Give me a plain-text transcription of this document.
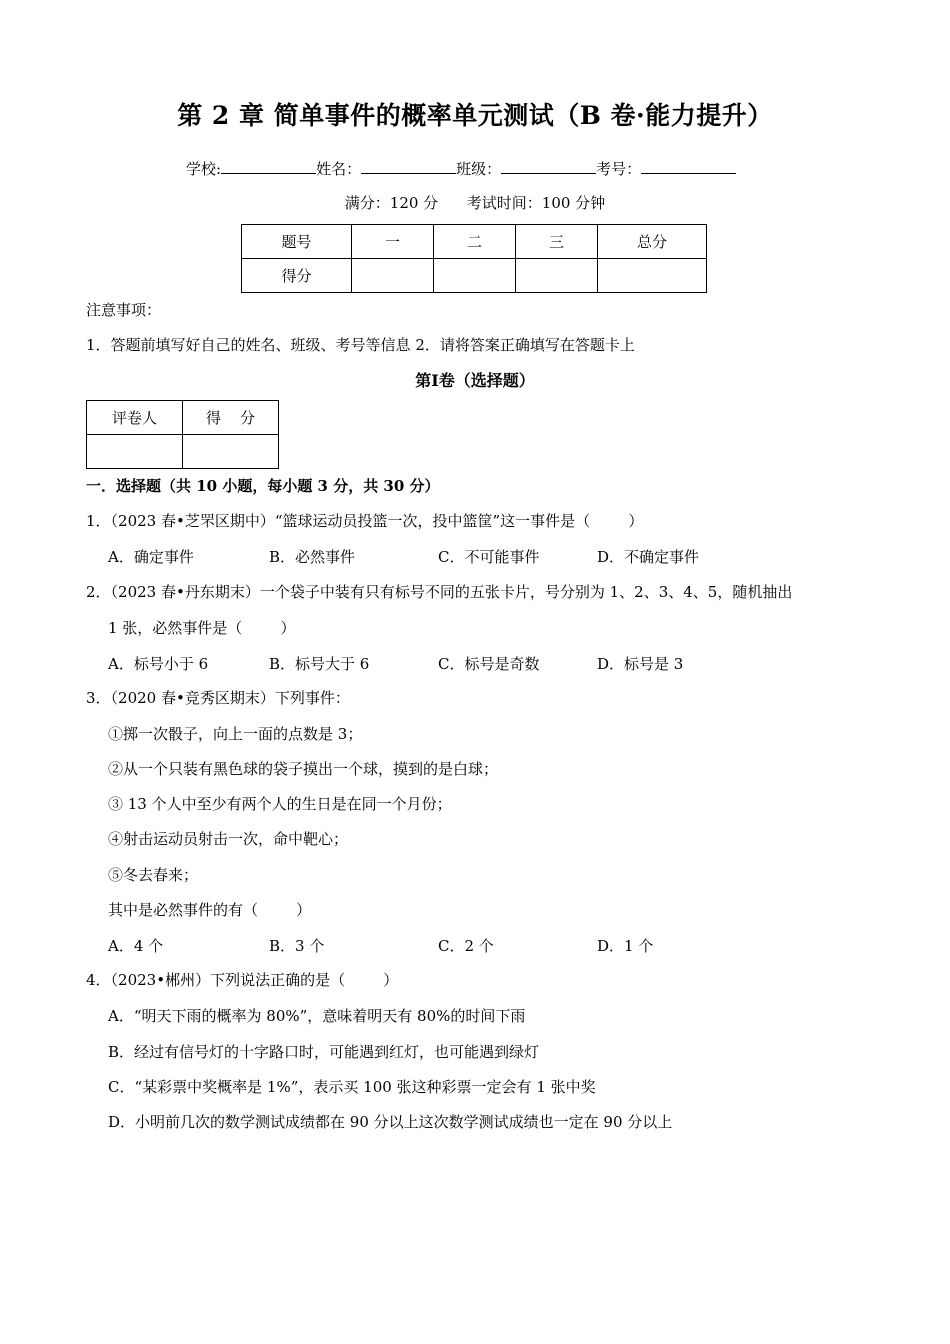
第 2 章 简单事件的概率单元测试（B 卷·能力提升）
学校:	姓名：	班级：	考号：
满分：120 分      考试时间：100 分钟
题号	一	二	三	总分
得分				
注意事项：
1．答题前填写好自己的姓名、班级、考号等信息 2．请将答案正确填写在答题卡上
第Ⅰ卷（选择题）
评卷人	得    分

一．选择题（共 10 小题，每小题 3 分，共 30 分）
1．（2023 春•芝罘区期中）“篮球运动员投篮一次，投中篮筐”这一事件是（        ）
A．确定事件	B．必然事件	C．不可能事件	D．不确定事件
2．（2023 春•丹东期末）一个袋子中装有只有标号不同的五张卡片，号分别为 1、2、3、4、5，随机抽出
1 张，必然事件是（        ）
A．标号小于 6	B．标号大于 6	C．标号是奇数	D．标号是 3
3．（2020 春•竞秀区期末）下列事件：
①掷一次骰子，向上一面的点数是 3；
②从一个只装有黑色球的袋子摸出一个球，摸到的是白球；
③ 13 个人中至少有两个人的生日是在同一个月份；
④射击运动员射击一次，命中靶心；
⑤冬去春来；
其中是必然事件的有（        ）
A．4 个	B．3 个	C．2 个	D．1 个
4．（2023•郴州）下列说法正确的是（        ）
A．“明天下雨的概率为 80%”，意味着明天有 80%的时间下雨
B．经过有信号灯的十字路口时，可能遇到红灯，也可能遇到绿灯
C．“某彩票中奖概率是 1%”，表示买 100 张这种彩票一定会有 1 张中奖
D．小明前几次的数学测试成绩都在 90 分以上这次数学测试成绩也一定在 90 分以上
